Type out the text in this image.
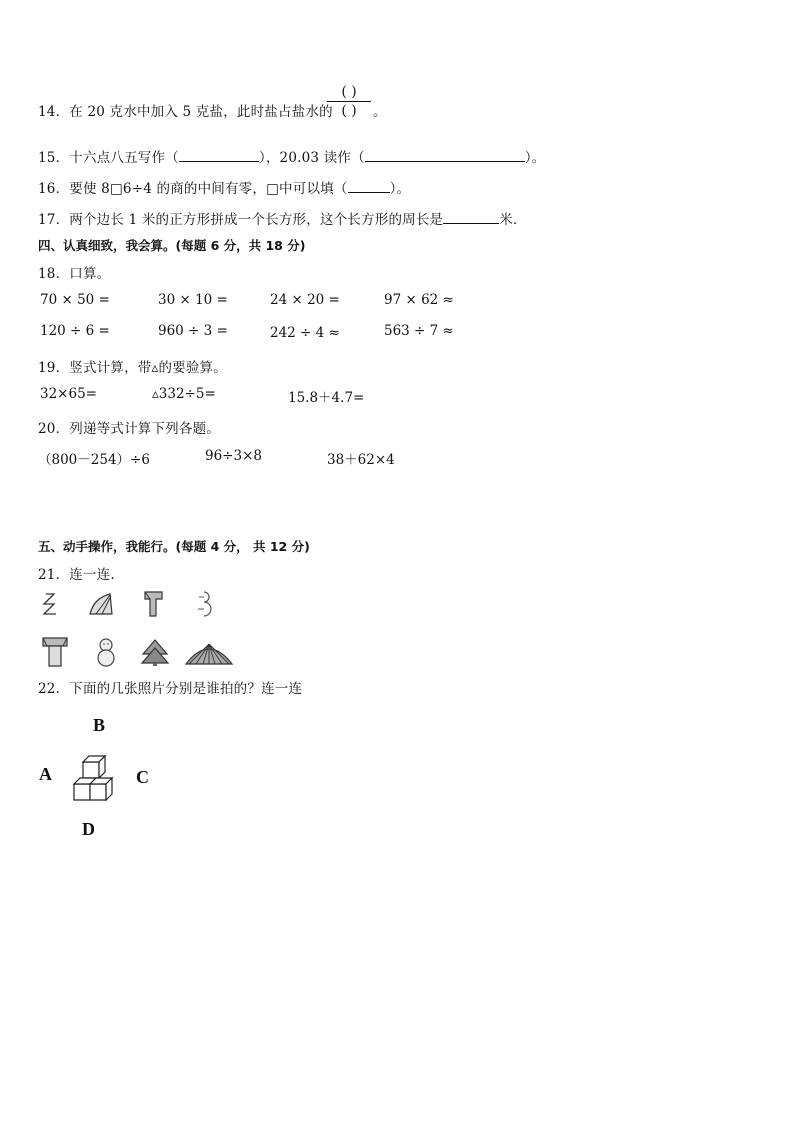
14．在 20 克水中加入 5 克盐，此时盐占盐水的
( )
( )	。
15．十六点八五写作（	），20.03 读作（	）。
16．要使 8□6÷4 的商的中间有零，□中可以填（	）。
17．两个边长 1 米的正方形拼成一个长方形，这个长方形的周长是	米．
四、认真细致，我会算。(每题 6 分，共 18 分)
18．口算。
70 × 50 =	30 × 10 =	24 × 20 =	97 × 62 ≈
120 ÷ 6 =	960 ÷ 3 =	242 ÷ 4 ≈	563 ÷ 7 ≈
19．竖式计算，带▵的要验算。
32×65=	▵332÷5=	15.8＋4.7=
20．列递等式计算下列各题。
（800－254）÷6	96÷3×8	38＋62×4
五、动手操作，我能行。(每题 4 分， 共 12 分)
21．连一连.
22．下面的几张照片分别是谁拍的？连一连
B
A	C
D
